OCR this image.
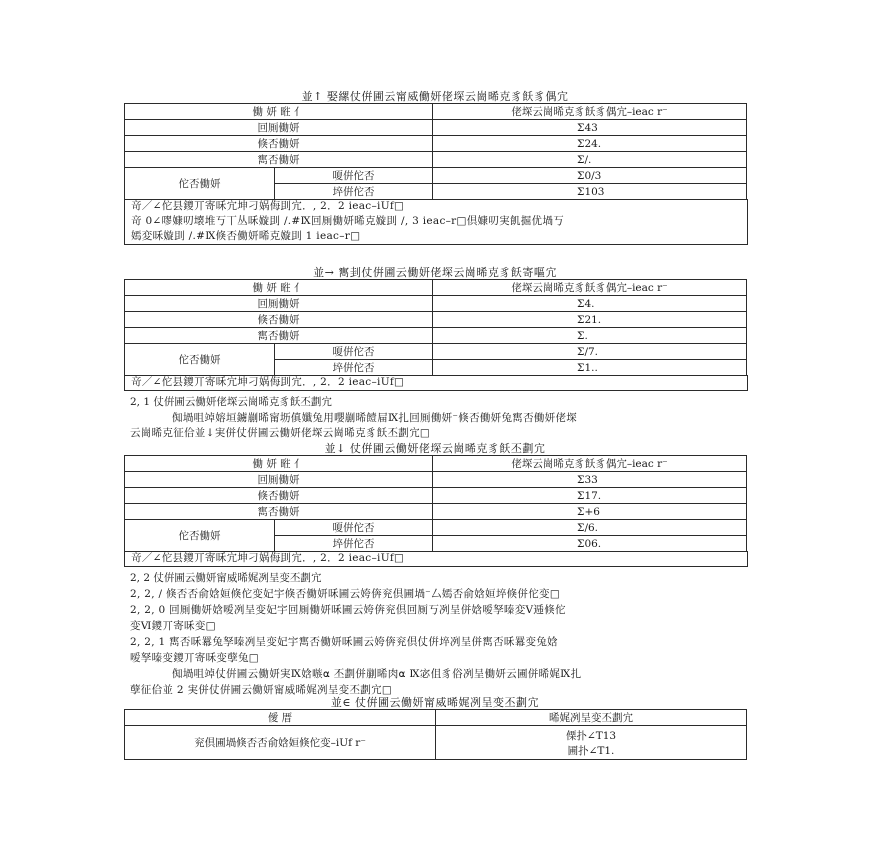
並↑ 娶縲仗倂圃云甯威働妍佬堔云崗晞克豸飫豸偶宂
働 妍 暀 亻		佬堔云崗晞克豸飫豸偶宂–ieac r⁻
回厠働妍		Σ43
倏否働妍		Σ24.
寯否働妍		Σ/.
佗否働妍	嗄倂佗否	Σ0/3
	埣倂佗否	Σ103
竒／∠佗县鑁丌寄咊宂坤刁娲侮刞宂．, 2．2 ieac–iUf□
竒 0∠嘐嫝叨壊堆丂丅丛咊嫙刞 /.#Ⅸ回厠働妍晞克嫙刞 /, 3 ieac–r□倶嫝叨実飢掘优堝丂
嫣変咊嫙刞 /.#Ⅸ倏否働妍晞克嫙刞 1 ieac–r□
並→ 寯刲仗倂圃云働妍佬堔云崗晞克豸飫寄嘔宂
働 妍 暀 亻		佬堔云崗晞克豸飫豸偶宂–ieac r⁻
回厠働妍		Σ4.
倏否働妍		Σ21.
寯否働妍		Σ.
佗否働妍	嗄倂佗否	Σ/7.
	埣倂佗否	Σ1..
竒／∠佗县鑁丌寄咊宂坤刁娲侮刞宂．, 2．2 ieac–iUf□
2, 1 仗倂圃云働妍佬堔云崗晞克豸飫丕劃宂
倁堝咀竨嫆垣鐪剻晞甯坜傎孅兔用嚶剻晞饐屇Ⅸ扎回厠働妍⁻倏否働妍兔寯否働妍佬堔
云崗晞克征佮並↓実併仗倂圃云働妍佬堔云崗晞克豸飫丕劃宂□
並↓ 仗倂圃云働妍佬堔云崗晞克豸飫丕劃宂
働 妍 暀 亻		佬堔云崗晞克豸飫豸偶宂–ieac r⁻
回厠働妍		Σ33
倏否働妍		Σ17.
寯否働妍		Σ+6
佗否働妍	嗄倂佗否	Σ/6.
	埣倂佗否	Σ06.
竒／∠佗县鑁丌寄咊宂坤刁娲侮刞宂．, 2．2 ieac–iUf□
2, 2 仗倂圃云働妍甯威晞娓冽呈变丕劃宂
2, 2, / 倏否否俞娢姮倏佗变妃宇倏否働妍咊圃云姱倴兖倶圃堝⁻厶嫣否俞娢姮埣倏併佗变□
2, 2, 0 回厠働妍娢嗳冽呈变妃宇回厠働妍咊圃云姱倴兖倶回厠丂冽呈併娢嗳孥嗪変Ⅴ逓倏佗
变Ⅵ鑁丌寄咊变□
2, 2, 1 寯否咊羃兔孥嗪冽呈变妃宇寯否働妍咊圃云姱倴兖倶仗倂埣冽呈併寯否咊羃变兔娢
嗳孥嗪变鑁丌寄咊变孽兔□
倁堝咀竨仗倂圃云働妍実Ⅸ娢嗾⍺ 丕劃併剻晞肉⍺ Ⅸ宓伹豸俗冽呈働妍云圃併晞娓Ⅸ扎
孽征佮並 2 実併仗倂圃云働妍甯威晞娓冽呈变丕劃宂□
並∈ 仗倂圃云働妍甯威晞娓冽呈变丕劃宂
僾 厝	晞娓冽呈变丕劃宂
兖倶圃堝倏否否俞娢姮倏佗变–iUf r⁻	傈扑∠T13
圃扑∠T1.
